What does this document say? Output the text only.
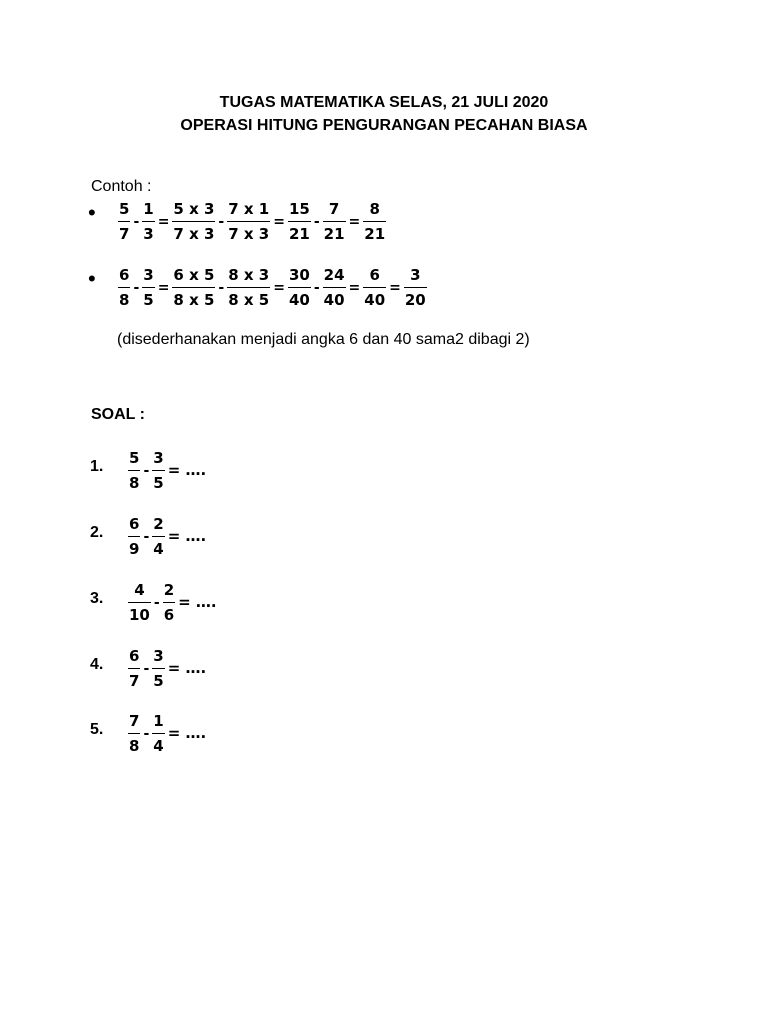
TUGAS MATEMATIKA SELAS, 21 JULI 2020
OPERASI HITUNG PENGURANGAN PECAHAN BIASA
Contoh :
• $\frac{5}{7} - \frac{1}{3} = \frac{5 x 3}{7 x 3} - \frac{7 x 1}{7 x 3} = \frac{15}{21} - \frac{7}{21} = \frac{8}{21}$
• $\frac{6}{8} - \frac{3}{5} = \frac{6 x 5}{8 x 5} - \frac{8 x 3}{8 x 5} = \frac{30}{40} - \frac{24}{40} = \frac{6}{40} = \frac{3}{20}$
(disederhanakan menjadi angka 6 dan 40 sama2 dibagi 2)
SOAL :
1. $\frac{5}{8} - \frac{3}{5}$ = ….
2. $\frac{6}{9} - \frac{2}{4}$ = ….
3. $\frac{4}{10} - \frac{2}{6}$ = ….
4. $\frac{6}{7} - \frac{3}{5}$ = ….
5. $\frac{7}{8} - \frac{1}{4}$ = ….
